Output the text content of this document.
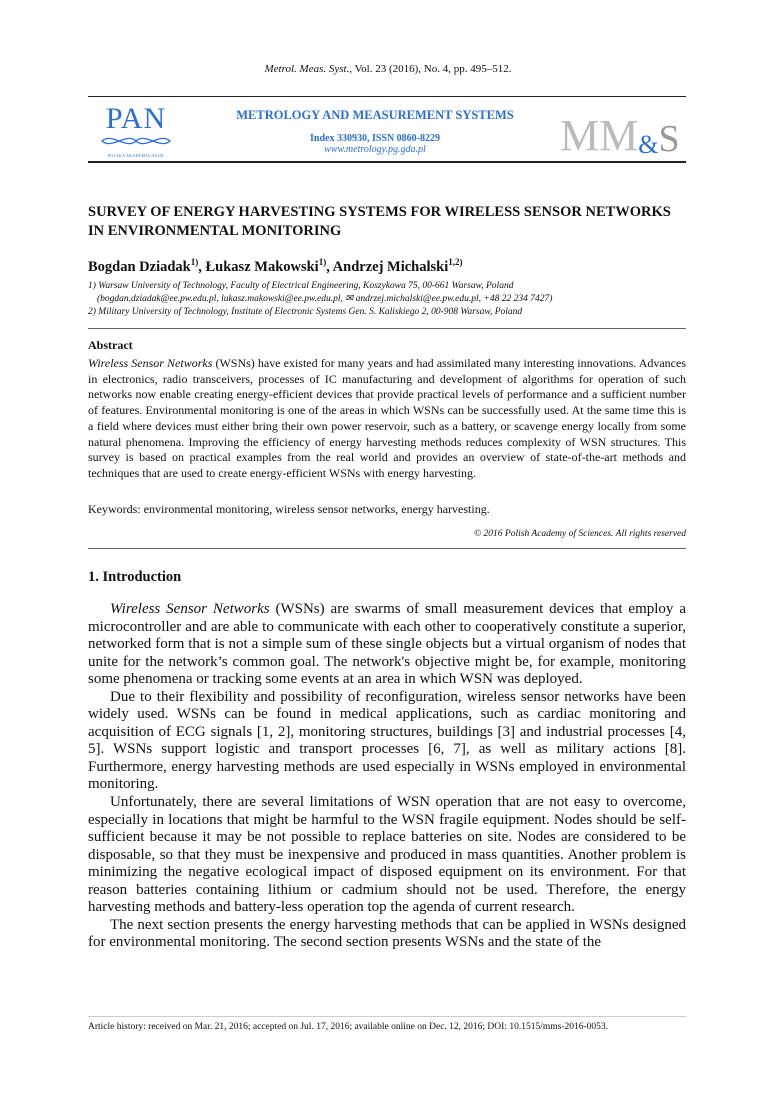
Metrol. Meas. Syst., Vol. 23 (2016), No. 4, pp. 495–512.
PAN
POLSKA AKADEMIA NAUK
METROLOGY AND MEASUREMENT SYSTEMS
Index 330930, ISSN 0860-8229
www.metrology.pg.gda.pl	MM & S
SURVEY OF ENERGY HARVESTING SYSTEMS FOR WIRELESS SENSOR NETWORKS IN ENVIRONMENTAL MONITORING
Bogdan Dziadak$^{1)}$, Łukasz Makowski$^{1)}$, Andrzej Michalski$^{1,2)}$
1) Warsaw University of Technology, Faculty of Electrical Engineering, Koszykowa 75, 00-661 Warsaw, Poland
(bogdan.dziadak@ee.pw.edu.pl, lukasz.makowski@ee.pw.edu.pl, ✉ andrzej.michalski@ee.pw.edu.pl, +48 22 234 7427)
2) Military University of Technology, Institute of Electronic Systems Gen. S. Kaliskiego 2, 00-908 Warsaw, Poland
Abstract
Wireless Sensor Networks (WSNs) have existed for many years and had assimilated many interesting innovations. Advances in electronics, radio transceivers, processes of IC manufacturing and development of algorithms for operation of such networks now enable creating energy-efficient devices that provide practical levels of performance and a sufficient number of features. Environmental monitoring is one of the areas in which WSNs can be successfully used. At the same time this is a field where devices must either bring their own power reservoir, such as a battery, or scavenge energy locally from some natural phenomena. Improving the efficiency of energy harvesting methods reduces complexity of WSN structures. This survey is based on practical examples from the real world and provides an overview of state-of-the-art methods and techniques that are used to create energy-efficient WSNs with energy harvesting.
Keywords: environmental monitoring, wireless sensor networks, energy harvesting.
© 2016 Polish Academy of Sciences. All rights reserved
1. Introduction

Wireless Sensor Networks (WSNs) are swarms of small measurement devices that employ a microcontroller and are able to communicate with each other to cooperatively constitute a superior, networked form that is not a simple sum of these single objects but a virtual organism of nodes that unite for the network’s common goal. The network's objective might be, for example, monitoring some phenomena or tracking some events at an area in which WSN was deployed.

Due to their flexibility and possibility of reconfiguration, wireless sensor networks have been widely used. WSNs can be found in medical applications, such as cardiac monitoring and acquisition of ECG signals [1, 2], monitoring structures, buildings [3] and industrial processes [4, 5]. WSNs support logistic and transport processes [6, 7], as well as military actions [8]. Furthermore, energy harvesting methods are used especially in WSNs employed in environmental monitoring.

Unfortunately, there are several limitations of WSN operation that are not easy to overcome, especially in locations that might be harmful to the WSN fragile equipment. Nodes should be self-sufficient because it may be not possible to replace batteries on site. Nodes are considered to be disposable, so that they must be inexpensive and produced in mass quantities. Another problem is minimizing the negative ecological impact of disposed equipment on its environment. For that reason batteries containing lithium or cadmium should not be used. Therefore, the energy harvesting methods and battery-less operation top the agenda of current research.

The next section presents the energy harvesting methods that can be applied in WSNs designed for environmental monitoring. The second section presents WSNs and the state of the

Article history: received on Mar. 21, 2016; accepted on Jul. 17, 2016; available online on Dec. 12, 2016; DOI: 10.1515/mms-2016-0053.
